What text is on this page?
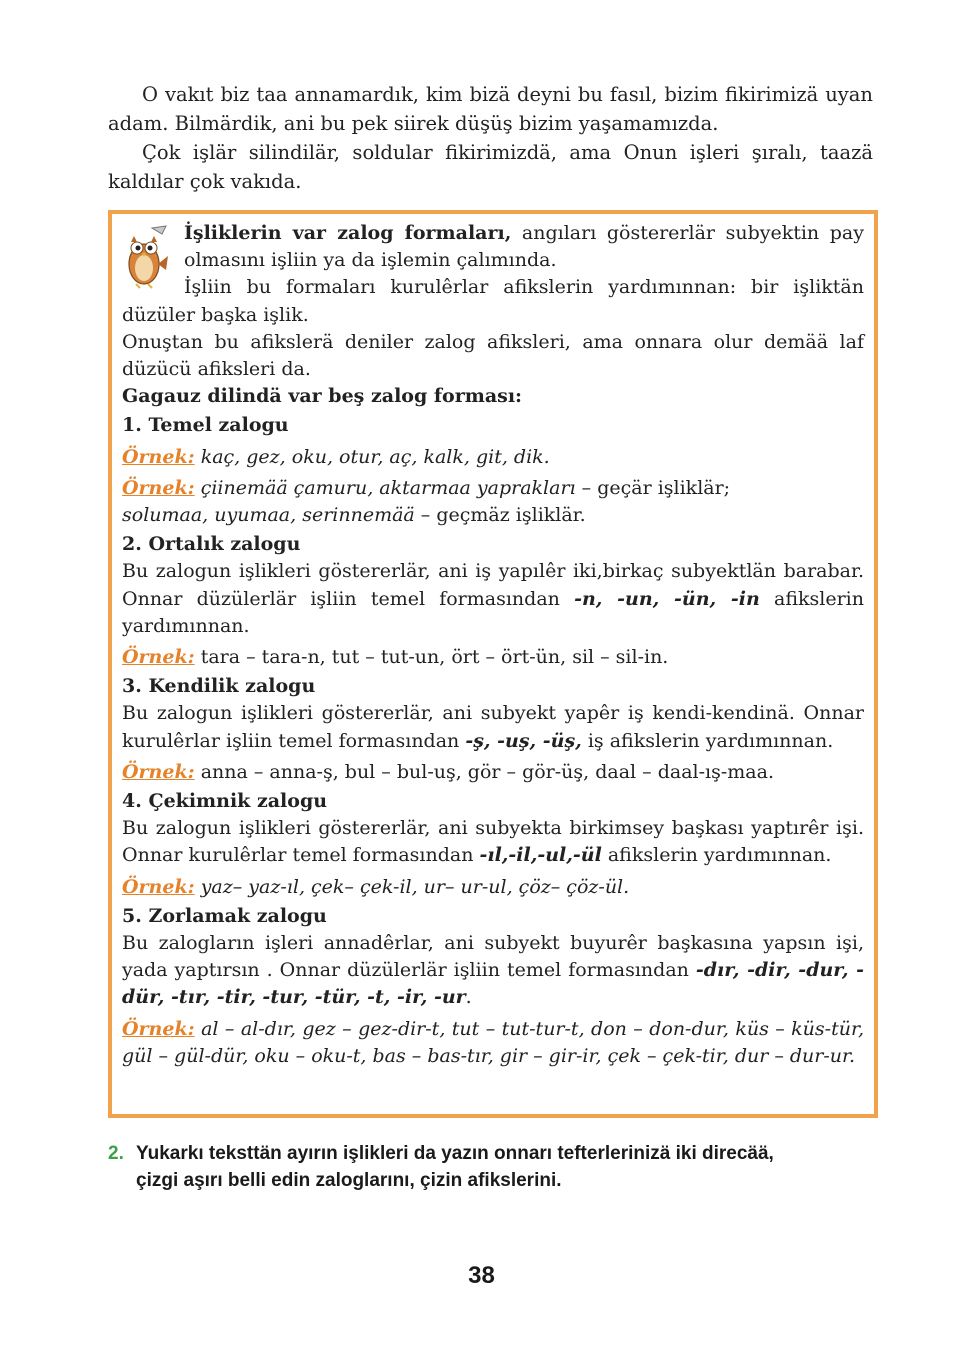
O vakıt biz taa annamardık, kim bizä deyni bu fasıl, bizim fikirimizä uyan adam. Bilmärdik, ani bu pek siirek düşüş bizim yaşamamızda.

Çok işlär silindilär, soldular fikirimizdä, ama Onun işleri şıralı, taazä kaldılar çok vakıda.

İşliklerin var zalog formaları, angıları göstererlär subyektin pay olmasını işliin ya da işlemin çalımında.

İşliin bu formaları kurulêrlar afikslerin yardımınnan: bir işliktän düzüler başka işlik.

Onuştan bu afikslerä deniler zalog afiksleri, ama onnara olur demää laf düzücü afiksleri da.

Gagauz dilindä var beş zalog forması:

1. Temel zalogu

Örnek: kaç, gez, oku, otur, aç, kalk, git, dik.

Örnek: çiinemää çamuru, aktarmaa yaprakları – geçär işliklär;
solumaa, uyumaa, serinnemää – geçmäz işliklär.

2. Ortalık zalogu

Bu zalogun işlikleri göstererlär, ani iş yapılêr iki,birkaç subyektlän barabar. Onnar düzülerlär işliin temel formasından -n, -un, -ün, -in afikslerin yardımınnan.

Örnek: tara – tara-n, tut – tut-un, ört – ört-ün, sil – sil-in.

3. Kendilik zalogu

Bu zalogun işlikleri göstererlär, ani subyekt yapêr iş kendi-kendinä. Onnar kurulêrlar işliin temel formasından -ş, -uş, -üş, iş afikslerin yardımınnan.

Örnek: anna – anna-ş, bul – bul-uş, gör – gör-üş, daal – daal-ış-maa.

4. Çekimnik zalogu

Bu zalogun işlikleri göstererlär, ani subyekta birkimsey başkası yaptırêr işi. Onnar kurulêrlar temel formasından -ıl,-il,-ul,-ül afikslerin yardımınnan.

Örnek: yaz– yaz-ıl, çek– çek-il, ur– ur-ul, çöz– çöz-ül.

5. Zorlamak zalogu

Bu zalogların işleri annadêrlar, ani subyekt buyurêr başkasına yapsın işi, yada yaptırsın . Onnar düzülerlär işliin temel formasından -dır, -dir, -dur, -dür, -tır, -tir, -tur, -tür, -t, -ir, -ur.

Örnek: al – al-dır, gez – gez-dir-t, tut – tut-tur-t, don – don-dur, küs – küs-tür, gül – gül-dür, oku – oku-t, bas – bas-tır, gir – gir-ir, çek – çek-tir, dur – dur-ur.

2. Yukarkı teksttän ayırın işlikleri da yazın onnarı tefterlerinizä iki direcää,
çizgi aşırı belli edin zaloglarını, çizin afikslerini.
38
